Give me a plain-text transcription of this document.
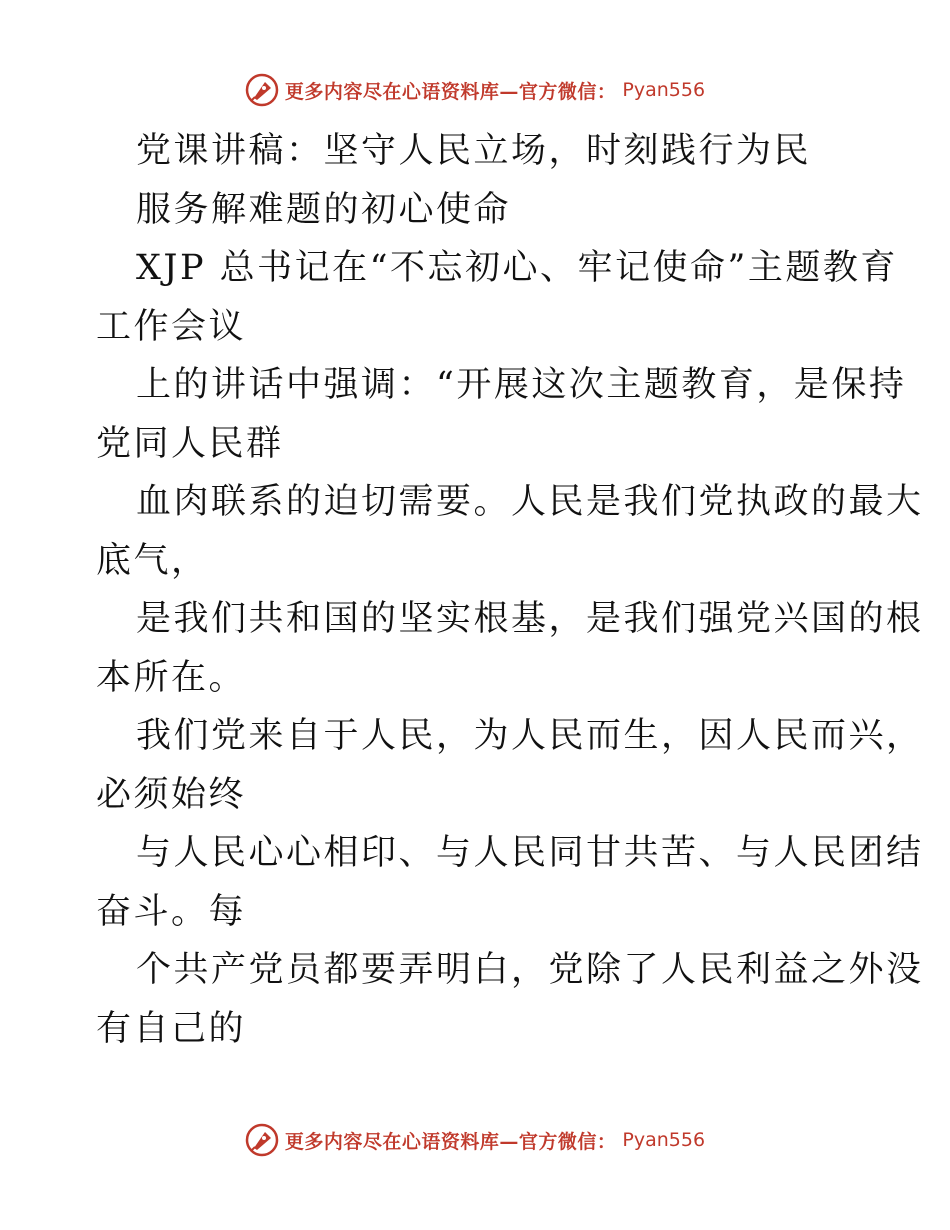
更多内容尽在心语资料库—官方微信： Pyan556
党课讲稿：坚守人民立场，时刻践行为民
服务解难题的初心使命
XJP 总书记在“不忘初心、牢记使命”主题教育
工作会议
上的讲话中强调：“开展这次主题教育，是保持
党同人民群
血肉联系的迫切需要。人民是我们党执政的最大
底气，
是我们共和国的坚实根基，是我们强党兴国的根
本所在。
我们党来自于人民，为人民而生，因人民而兴，
必须始终
与人民心心相印、与人民同甘共苦、与人民团结
奋斗。每
个共产党员都要弄明白，党除了人民利益之外没
有自己的
更多内容尽在心语资料库—官方微信： Pyan556
